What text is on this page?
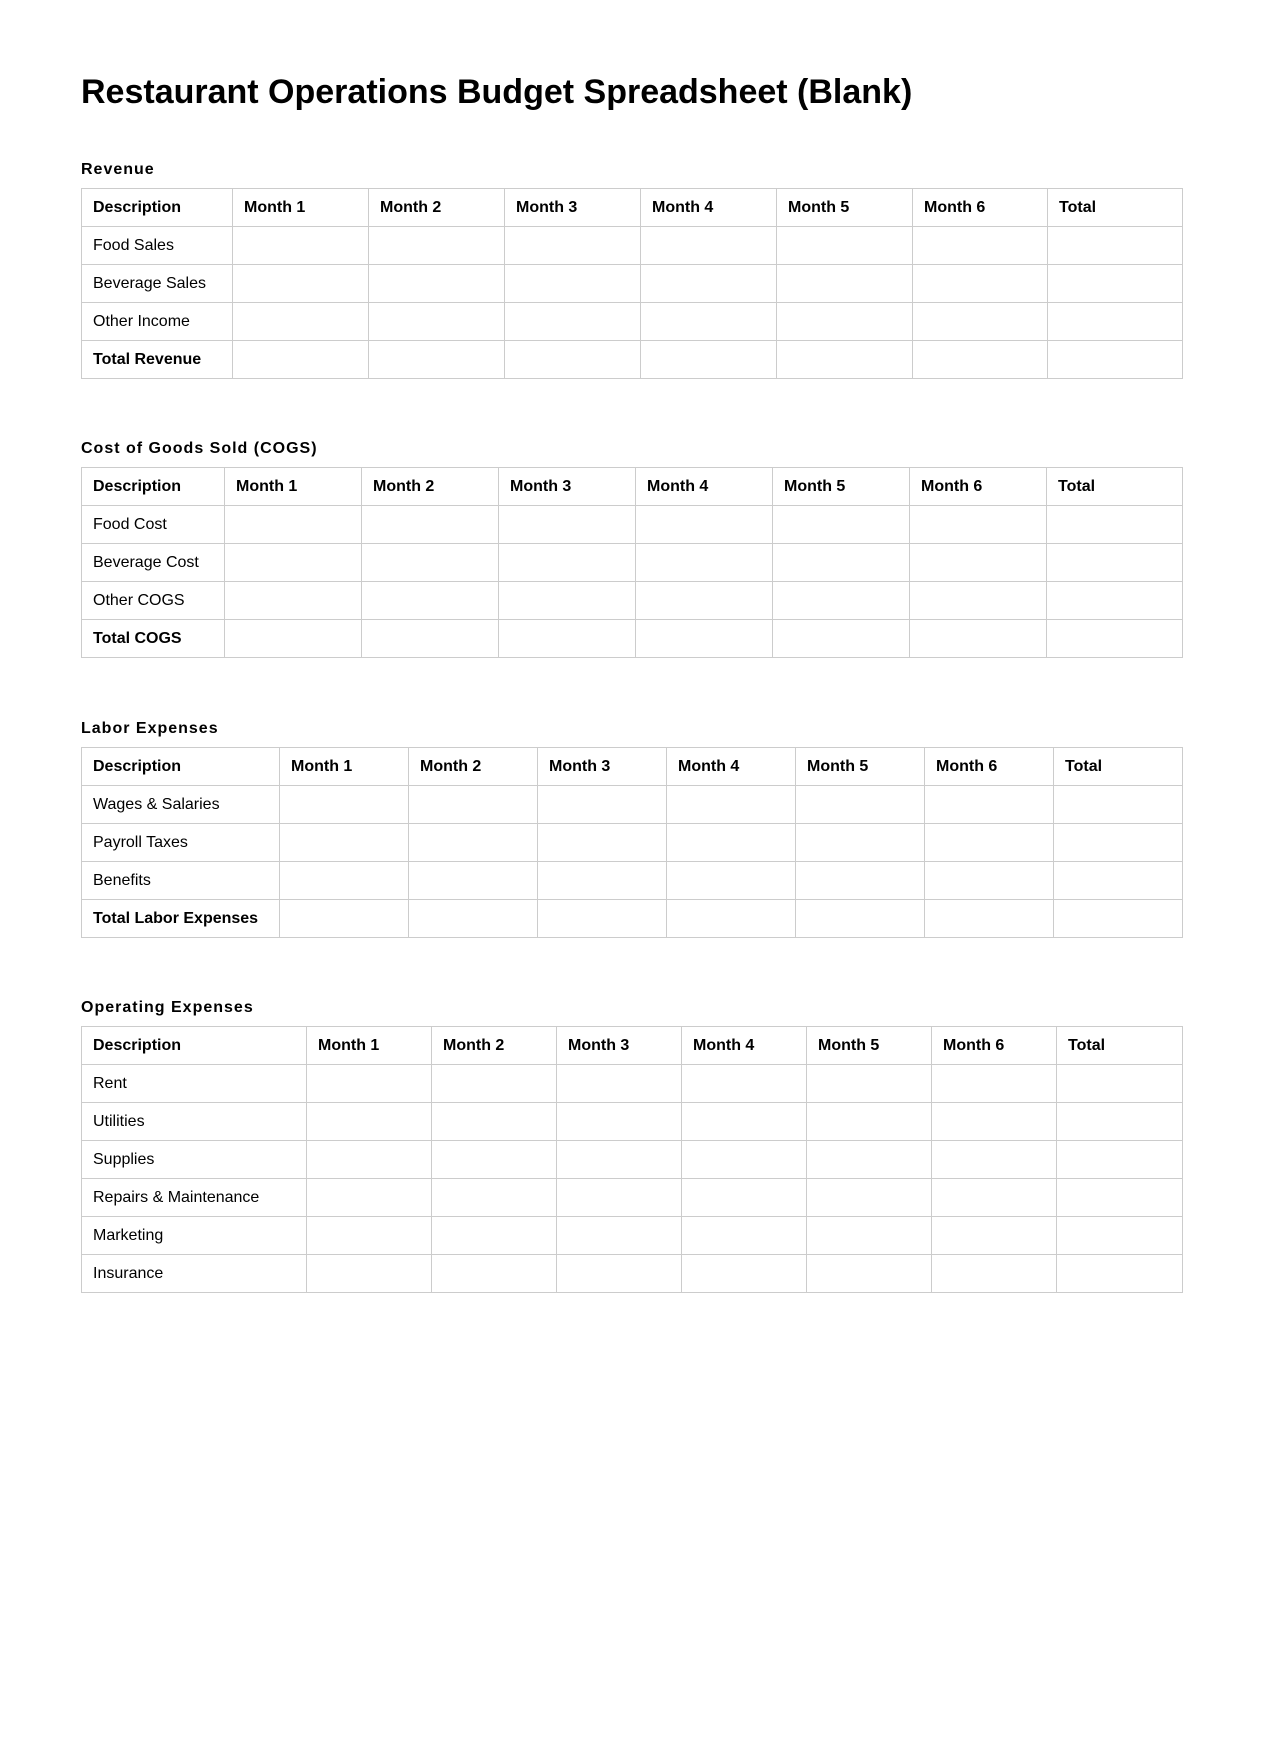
Restaurant Operations Budget Spreadsheet (Blank)
Revenue
Description	Month 1	Month 2	Month 3	Month 4	Month 5	Month 6	Total
Food Sales							
Beverage Sales							
Other Income							
Total Revenue							
Cost of Goods Sold (COGS)
Description	Month 1	Month 2	Month 3	Month 4	Month 5	Month 6	Total
Food Cost							
Beverage Cost							
Other COGS							
Total COGS							
Labor Expenses
Description	Month 1	Month 2	Month 3	Month 4	Month 5	Month 6	Total
Wages & Salaries							
Payroll Taxes							
Benefits							
Total Labor Expenses							
Operating Expenses
Description	Month 1	Month 2	Month 3	Month 4	Month 5	Month 6	Total
Rent							
Utilities							
Supplies							
Repairs & Maintenance							
Marketing							
Insurance							
